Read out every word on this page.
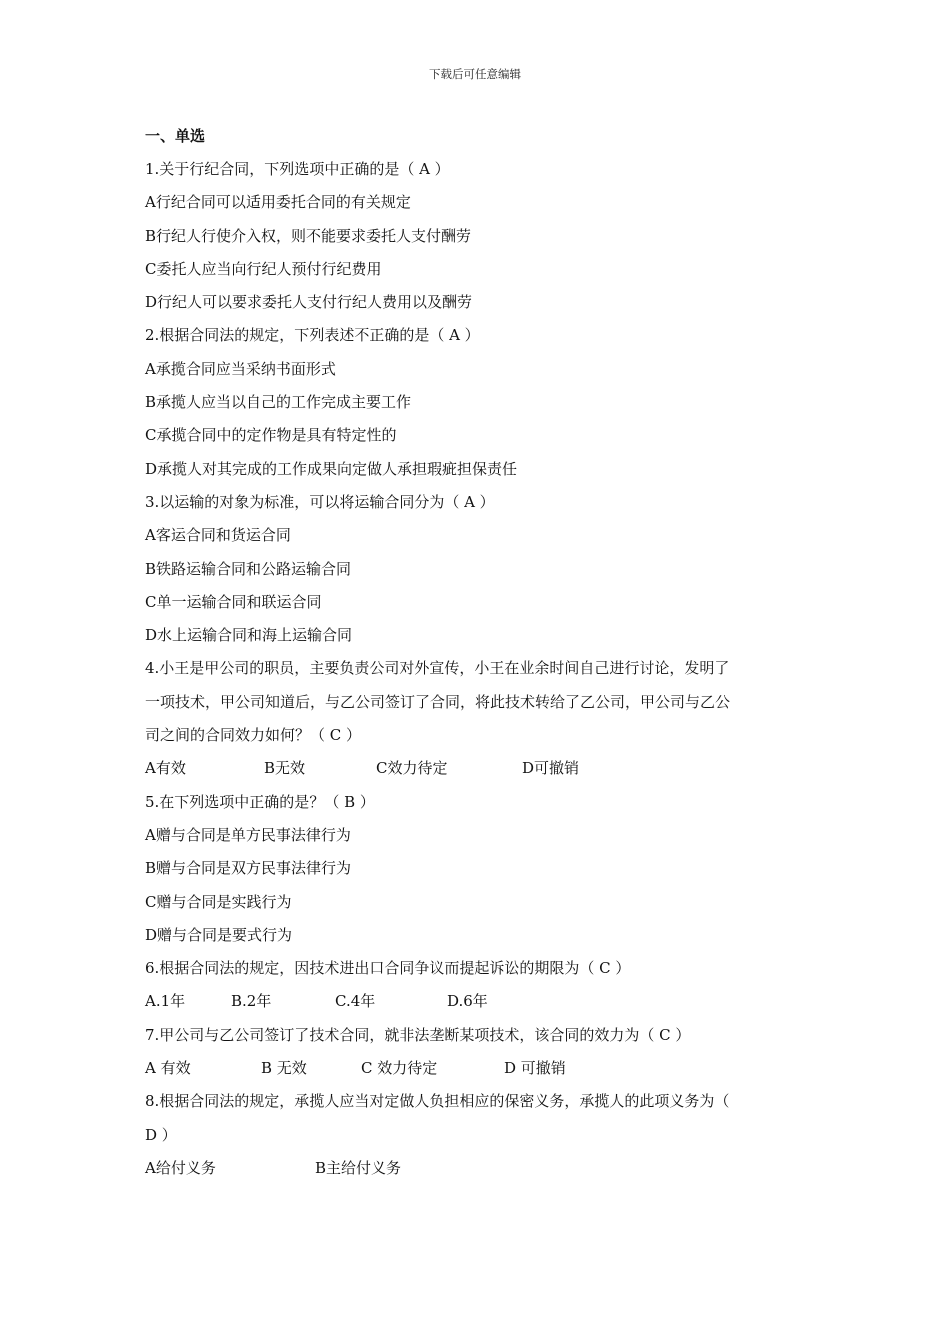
下载后可任意编辑
一、单选
1.关于行纪合同，下列选项中正确的是（ A ）
A行纪合同可以适用委托合同的有关规定
B行纪人行使介入权，则不能要求委托人支付酬劳
C委托人应当向行纪人预付行纪费用
D行纪人可以要求委托人支付行纪人费用以及酬劳
2.根据合同法的规定，下列表述不正确的是（ A ）
A承揽合同应当采纳书面形式
B承揽人应当以自己的工作完成主要工作
C承揽合同中的定作物是具有特定性的
D承揽人对其完成的工作成果向定做人承担瑕疵担保责任
3.以运输的对象为标准，可以将运输合同分为（ A ）
A客运合同和货运合同
B铁路运输合同和公路运输合同
C单一运输合同和联运合同
D水上运输合同和海上运输合同
4.小王是甲公司的职员，主要负责公司对外宣传，小王在业余时间自己进行讨论，发明了
一项技术，甲公司知道后，与乙公司签订了合同，将此技术转给了乙公司，甲公司与乙公
司之间的合同效力如何？（ C ）
A有效	B无效	C效力待定	D可撤销
5.在下列选项中正确的是？（ B ）
A赠与合同是单方民事法律行为
B赠与合同是双方民事法律行为
C赠与合同是实践行为
D赠与合同是要式行为
6.根据合同法的规定，因技术进出口合同争议而提起诉讼的期限为（ C ）
A.1年	B.2年	C.4年	D.6年
7.甲公司与乙公司签订了技术合同，就非法垄断某项技术，该合同的效力为（ C ）
A 有效	B 无效	C 效力待定	D 可撤销
8.根据合同法的规定，承揽人应当对定做人负担相应的保密义务，承揽人的此项义务为（
D ）
A给付义务	B主给付义务
